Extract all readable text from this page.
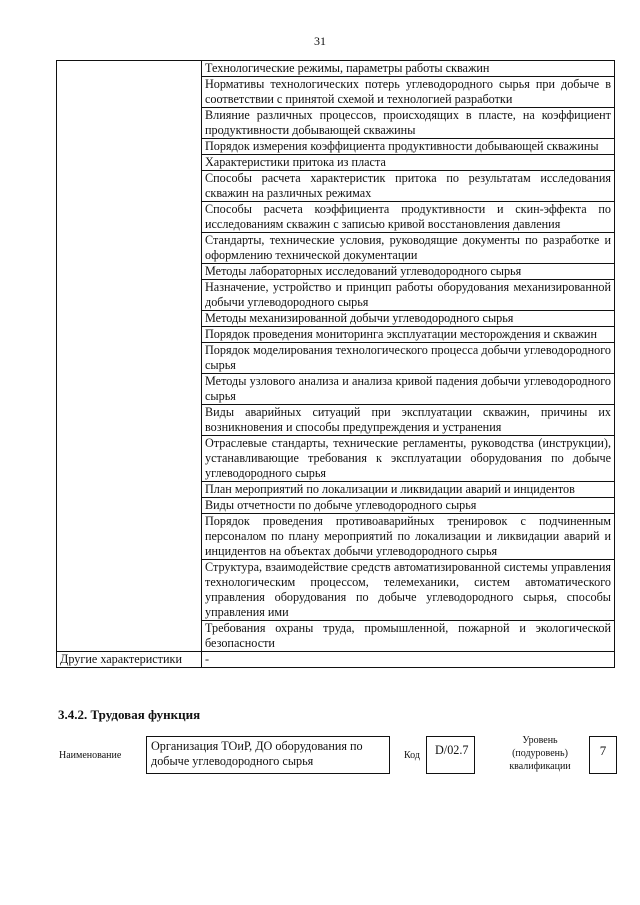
31
	Технологические режимы, параметры работы скважин
	Нормативы технологических потерь углеводородного сырья при добыче в соответствии с принятой схемой и технологией разработки
	Влияние различных процессов, происходящих в пласте, на коэффициент продуктивности добывающей скважины
	Порядок измерения коэффициента продуктивности добывающей скважины
	Характеристики притока из пласта
	Способы расчета характеристик притока по результатам исследования скважин на различных режимах
	Способы расчета коэффициента продуктивности и скин-эффекта по исследованиям скважин с записью кривой восстановления давления
	Стандарты, технические условия, руководящие документы по разработке и оформлению технической документации
	Методы лабораторных исследований углеводородного сырья
	Назначение, устройство и принцип работы оборудования механизированной добычи углеводородного сырья
	Методы механизированной добычи углеводородного сырья
	Порядок проведения мониторинга эксплуатации месторождения и скважин
	Порядок моделирования технологического процесса добычи углеводородного сырья
	Методы узлового анализа и анализа кривой падения добычи углеводородного сырья
	Виды аварийных ситуаций при эксплуатации скважин, причины их возникновения и способы предупреждения и устранения
	Отраслевые стандарты, технические регламенты, руководства (инструкции), устанавливающие требования к эксплуатации оборудования по добыче углеводородного сырья
	План мероприятий по локализации и ликвидации аварий и инцидентов
	Виды отчетности по добыче углеводородного сырья
	Порядок проведения противоаварийных тренировок с подчиненным персоналом по плану мероприятий по локализации и ликвидации аварий и инцидентов на объектах добычи углеводородного сырья
	Структура, взаимодействие средств автоматизированной системы управления технологическим процессом, телемеханики, систем автоматического управления оборудования по добыче углеводородного сырья, способы управления ими
	Требования охраны труда, промышленной, пожарной и экологической безопасности
Другие характеристики	-
3.4.2. Трудовая функция
Наименование
Организация ТОиР, ДО оборудования по добыче углеводородного сырья	Код	D/02.7
Уровень (подуровень) квалификации
7
